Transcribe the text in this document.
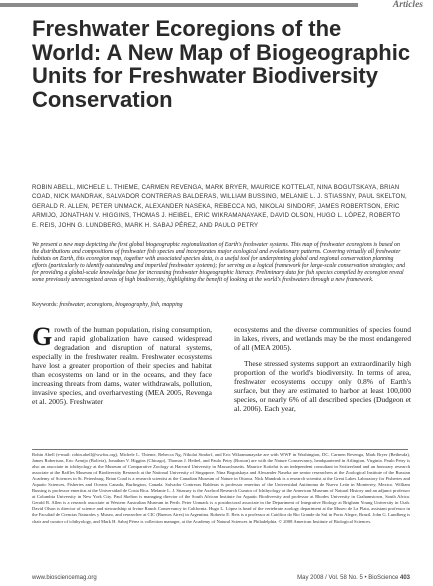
Articles
Freshwater Ecoregions of the World: A New Map of Biogeographic Units for Freshwater Biodiversity Conservation

ROBIN ABELL, MICHELE L. THIEME, CARMEN REVENGA, MARK BRYER, MAURICE KOTTELAT, NINA BOGUTSKAYA, BRIAN COAD, NICK MANDRAK, SALVADOR CONTRERAS BALDERAS, WILLIAM BUSSING, MELANIE L. J. STIASSNY, PAUL SKELTON, GERALD R. ALLEN, PETER UNMACK, ALEXANDER NASEKA, REBECCA NG, NIKOLAI SINDORF, JAMES ROBERTSON, ERIC ARMIJO, JONATHAN V. HIGGINS, THOMAS J. HEIBEL, ERIC WIKRAMANAYAKE, DAVID OLSON, HUGO L. LÓPEZ, ROBERTO E. REIS, JOHN G. LUNDBERG, MARK H. SABAJ PÉREZ, AND PAULO PETRY

We present a new map depicting the first global biogeographic regionalization of Earth's freshwater systems. This map of freshwater ecoregions is based on the distributions and compositions of freshwater fish species and incorporates major ecological and evolutionary patterns. Covering virtually all freshwater habitats on Earth, this ecoregion map, together with associated species data, is a useful tool for underpinning global and regional conservation planning efforts (particularly to identify outstanding and imperiled freshwater systems); for serving as a logical framework for large-scale conservation strategies; and for providing a global-scale knowledge base for increasing freshwater biogeographic literacy. Preliminary data for fish species compiled by ecoregion reveal some previously unrecognized areas of high biodiversity, highlighting the benefit of looking at the world's freshwaters through a new framework.

Keywords: freshwater, ecoregions, biogeography, fish, mapping

Growth of the human population, rising consumption, and rapid globalization have caused widespread degradation and disruption of natural systems, especially in the freshwater realm. Freshwater ecosystems have lost a greater proportion of their species and habitat than ecosystems on land or in the oceans, and they face increasing threats from dams, water withdrawals, pollution, invasive species, and overharvesting (MEA 2005, Revenga et al. 2005). Freshwater

ecosystems and the diverse communities of species found in lakes, rivers, and wetlands may be the most endangered of all (MEA 2005).

These stressed systems support an extraordinarily high proportion of the world's biodiversity. In terms of area, freshwater ecosystems occupy only 0.8% of Earth's surface, but they are estimated to harbor at least 100,000 species, or nearly 6% of all described species (Dudgeon et al. 2006). Each year,

Robin Abell (e-mail: robin.abell@wwfus.org), Michele L. Thieme, Rebecca Ng, Nikolai Sindorf, and Eric Wikramanayake are with WWF in Washington, DC. Carmen Revenga, Mark Bryer (Bethesda), James Robertson, Eric Armijo (Bolivia), Jonathan V. Higgins (Chicago), Thomas J. Heibel, and Paulo Petry (Boston) are with the Nature Conservancy, headquartered in Arlington, Virginia. Paulo Petry is also an associate in ichthyology at the Museum of Comparative Zoology at Harvard University in Massachusetts. Maurice Kottelat is an independent consultant in Switzerland and an honorary research associate at the Raffles Museum of Biodiversity Research at the National University of Singapore. Nina Bogutskaya and Alexander Naseka are senior researchers at the Zoological Institute of the Russian Academy of Sciences in St. Petersburg. Brian Coad is a research scientist at the Canadian Museum of Nature in Ottawa. Nick Mandrak is a research scientist at the Great Lakes Laboratory for Fisheries and Aquatic Sciences, Fisheries and Oceans Canada, Burlington, Canada. Salvador Contreras Balderas is professor emeritus of the Universidad Autónoma de Nuevo León in Monterrey, Mexico. William Bussing is professor emeritus at the Universidad de Costa Rica. Melanie L. J. Stiassny is the Axelrod Research Curator of Ichthyology at the American Museum of Natural History and an adjunct professor at Columbia University in New York City. Paul Skelton is managing director of the South African Institute for Aquatic Biodiversity and professor at Rhodes University in Grahamstown, South Africa. Gerald R. Allen is a research associate at Western Australian Museum in Perth. Peter Unmack is a postdoctoral associate in the Department of Integrative Biology at Brigham Young University in Utah. David Olson is director of science and stewardship at Irvine Ranch Conservancy in California. Hugo L. López is head of the vertebrate zoology department at the Museo de La Plata, assistant professor in the Facultad de Ciencias Naturales y Museo, and researcher at CIC (Buenos Aires) in Argentina. Roberto E. Reis is a professor at Católica do Rio Grande do Sul in Porto Alegre, Brazil. John G. Lundberg is chair and curator of ichthyology, and Mark H. Sabaj Pérez is collection manager, at the Academy of Natural Sciences in Philadelphia. © 2008 American Institute of Biological Sciences.

www.biosciencemag.org	May 2008 / Vol. 58 No. 5 • BioScience 403
